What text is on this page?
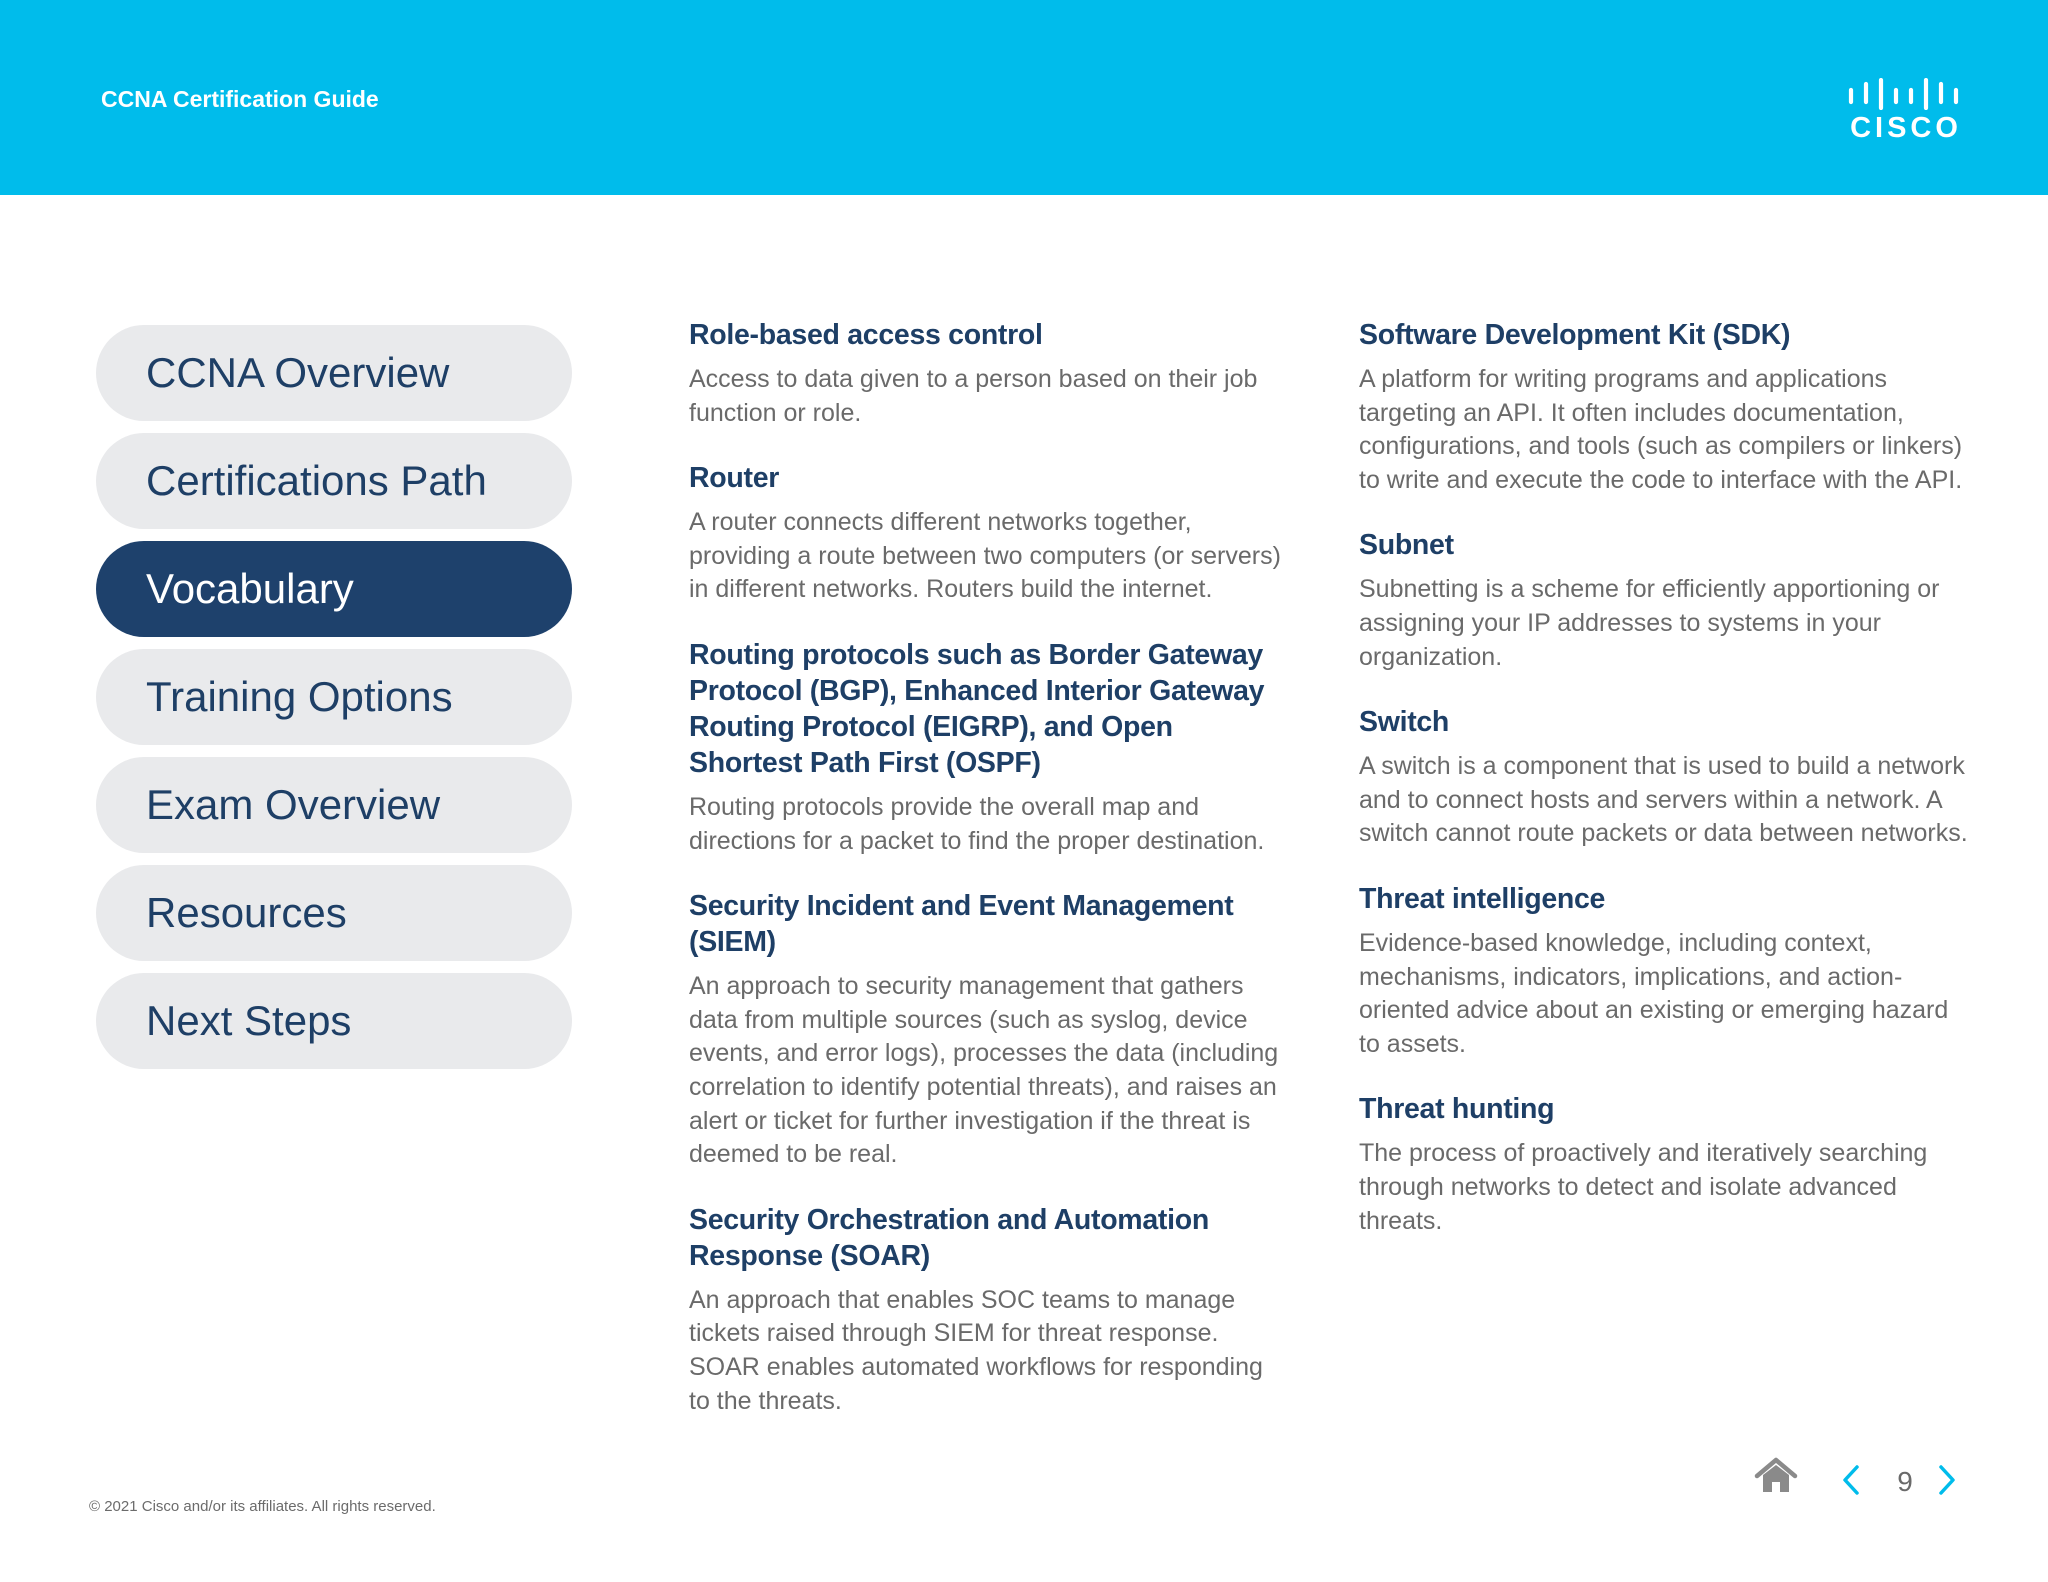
CCNA Certification Guide
CISCO
CCNA Overview
Certifications Path
Vocabulary
Training Options
Exam Overview
Resources
Next Steps
Role-based access control

Access to data given to a person based on their job function or role.

Router

A router connects different networks together, providing a route between two computers (or servers) in different networks. Routers build the internet.

Routing protocols such as Border Gateway Protocol (BGP), Enhanced Interior Gateway Routing Protocol (EIGRP), and Open Shortest Path First (OSPF)

Routing protocols provide the overall map and directions for a packet to find the proper destination.

Security Incident and Event Management (SIEM)

An approach to security management that gathers data from multiple sources (such as syslog, device events, and error logs), processes the data (including correlation to identify potential threats), and raises an alert or ticket for further investigation if the threat is deemed to be real.

Security Orchestration and Automation Response (SOAR)

An approach that enables SOC teams to manage tickets raised through SIEM for threat response. SOAR enables automated workflows for responding to the threats.

Software Development Kit (SDK)

A platform for writing programs and applications targeting an API. It often includes documentation, configurations, and tools (such as compilers or linkers) to write and execute the code to interface with the API.

Subnet

Subnetting is a scheme for efficiently apportioning or assigning your IP addresses to systems in your organization.

Switch

A switch is a component that is used to build a network and to connect hosts and servers within a network. A switch cannot route packets or data between networks.

Threat intelligence

Evidence-based knowledge, including context, mechanisms, indicators, implications, and action-oriented advice about an existing or emerging hazard to assets.

Threat hunting

The process of proactively and iteratively searching through networks to detect and isolate advanced threats.

© 2021 Cisco and/or its affiliates. All rights reserved.
9
